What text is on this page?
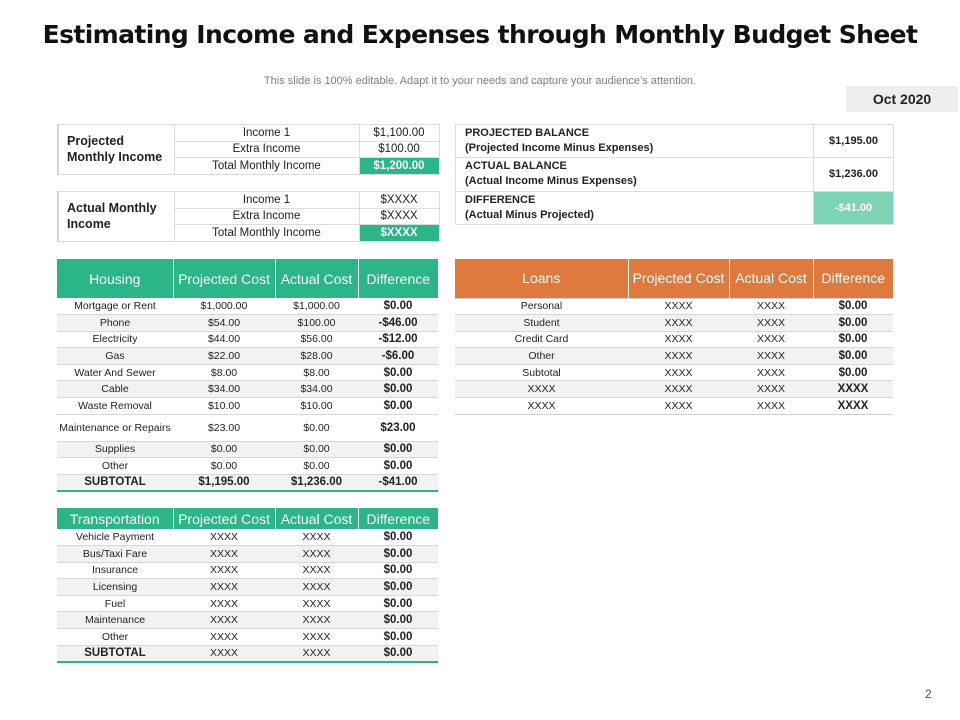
Estimating Income and Expenses through Monthly Budget Sheet
This slide is 100% editable. Adapt it to your needs and capture your audience’s attention.
Oct 2020
Projected Monthly Income	Income 1	$1,100.00
	Extra Income	$100.00
	Total Monthly Income	$1,200.00
Actual Monthly Income	Income 1	$XXXX
	Extra Income	$XXXX
	Total Monthly Income	$XXXX
PROJECTED BALANCE
(Projected Income Minus Expenses)	$1,195.00
ACTUAL BALANCE
(Actual Income Minus Expenses)	$1,236.00
DIFFERENCE
(Actual Minus Projected)	-$41.00
Housing	Projected Cost	Actual Cost	Difference
Mortgage or Rent	$1,000.00	$1,000.00	$0.00
Phone	$54.00	$100.00	-$46.00
Electricity	$44.00	$56.00	-$12.00
Gas	$22.00	$28.00	-$6.00
Water And Sewer	$8.00	$8.00	$0.00
Cable	$34.00	$34.00	$0.00
Waste Removal	$10.00	$10.00	$0.00
Maintenance or Repairs	$23.00	$0.00	$23.00
Supplies	$0.00	$0.00	$0.00
Other	$0.00	$0.00	$0.00
SUBTOTAL	$1,195.00	$1,236.00	-$41.00
Transportation	Projected Cost	Actual Cost	Difference
Vehicle Payment	XXXX	XXXX	$0.00
Bus/Taxi Fare	XXXX	XXXX	$0.00
Insurance	XXXX	XXXX	$0.00
Licensing	XXXX	XXXX	$0.00
Fuel	XXXX	XXXX	$0.00
Maintenance	XXXX	XXXX	$0.00
Other	XXXX	XXXX	$0.00
SUBTOTAL	XXXX	XXXX	$0.00
Loans	Projected Cost	Actual Cost	Difference
Personal	XXXX	XXXX	$0.00
Student	XXXX	XXXX	$0.00
Credit Card	XXXX	XXXX	$0.00
Other	XXXX	XXXX	$0.00
Subtotal	XXXX	XXXX	$0.00
XXXX	XXXX	XXXX	XXXX
XXXX	XXXX	XXXX	XXXX
2
